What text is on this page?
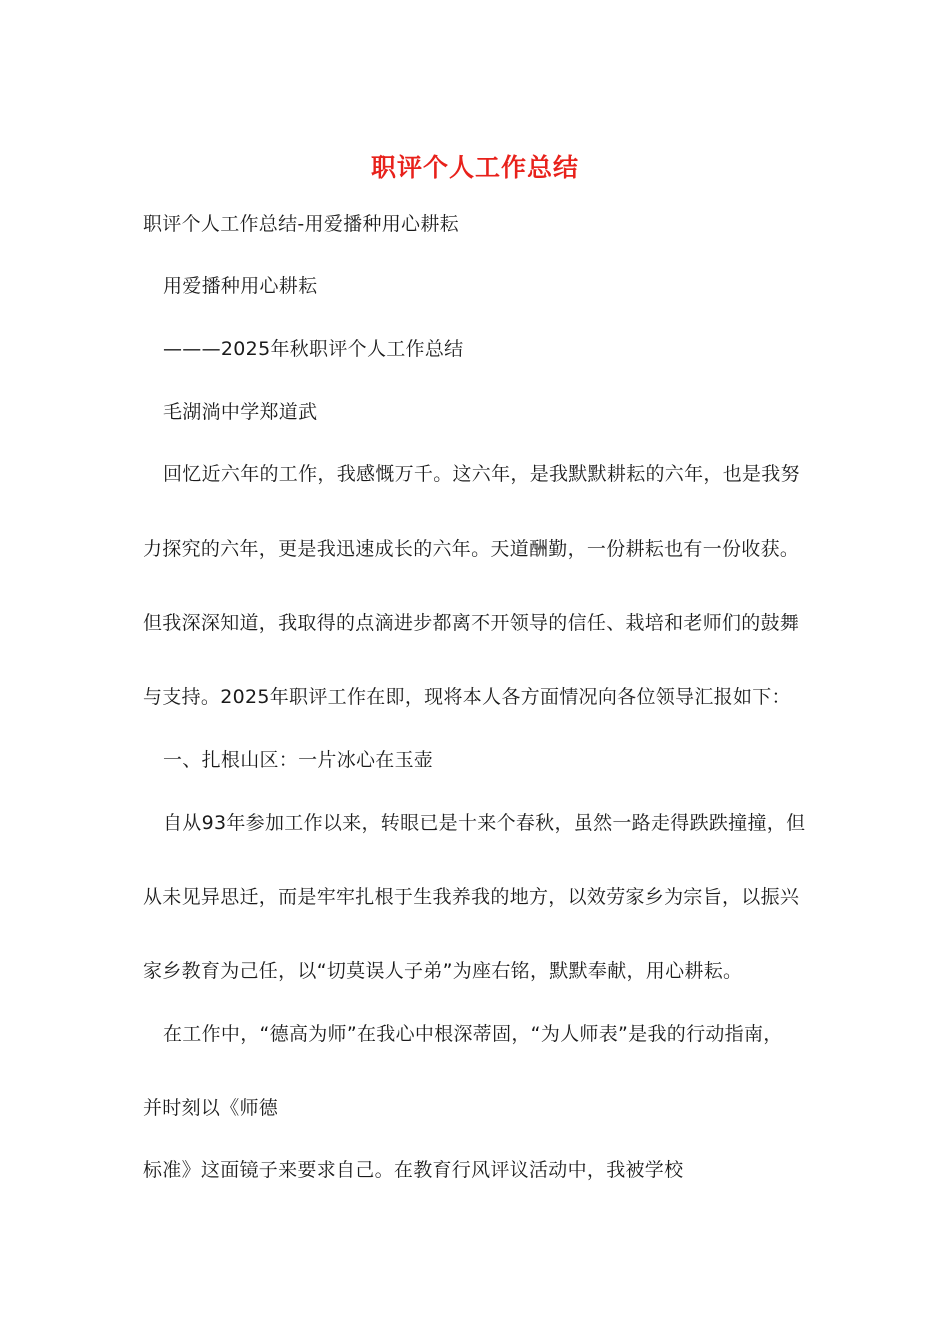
职评个人工作总结
职评个人工作总结-用爱播种用心耕耘
用爱播种用心耕耘
———2025年秋职评个人工作总结
毛湖淌中学郑道武
回忆近六年的工作，我感慨万千。这六年，是我默默耕耘的六年，也是我努
力探究的六年，更是我迅速成长的六年。天道酬勤，一份耕耘也有一份收获。
但我深深知道，我取得的点滴进步都离不开领导的信任、栽培和老师们的鼓舞
与支持。2025年职评工作在即，现将本人各方面情况向各位领导汇报如下：
一、扎根山区：一片冰心在玉壶
自从93年参加工作以来，转眼已是十来个春秋，虽然一路走得跌跌撞撞，但
从未见异思迁，而是牢牢扎根于生我养我的地方，以效劳家乡为宗旨，以振兴
家乡教育为己任，以“切莫误人子弟”为座右铭，默默奉献，用心耕耘。
在工作中，“德高为师”在我心中根深蒂固，“为人师表”是我的行动指南，
并时刻以《师德
标准》这面镜子来要求自己。在教育行风评议活动中，我被学校
